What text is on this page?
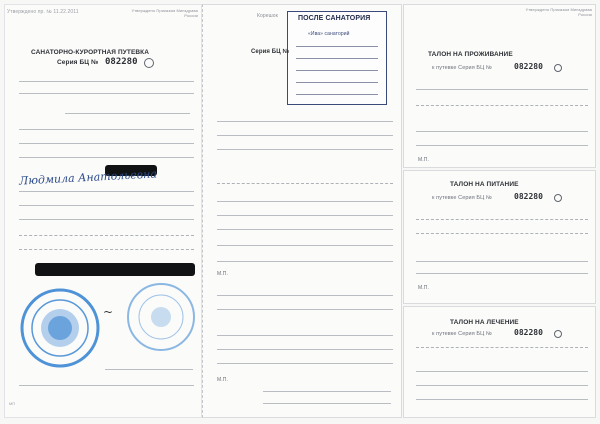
Утверждено пр. № 11.22.2011	Утверждено Приказом Минздрава России
САНАТОРНО-КУРОРТНАЯ ПУТЕВКА
Серия БЦ № 082280
Людмила Анатольевна
~
МП
Корешок	ПОСЛЕ САНАТОРИЯ
«Ива» санаторий
Серия БЦ №
М.П.
М.П.
Утверждено Приказом Минздрава России
ТАЛОН НА ПРОЖИВАНИЕ
к путевке Серия БЦ №	082280
М.П.
ТАЛОН НА ПИТАНИЕ
к путевке Серия БЦ №	082280
М.П.
ТАЛОН НА ЛЕЧЕНИЕ
к путевке Серия БЦ №	082280
